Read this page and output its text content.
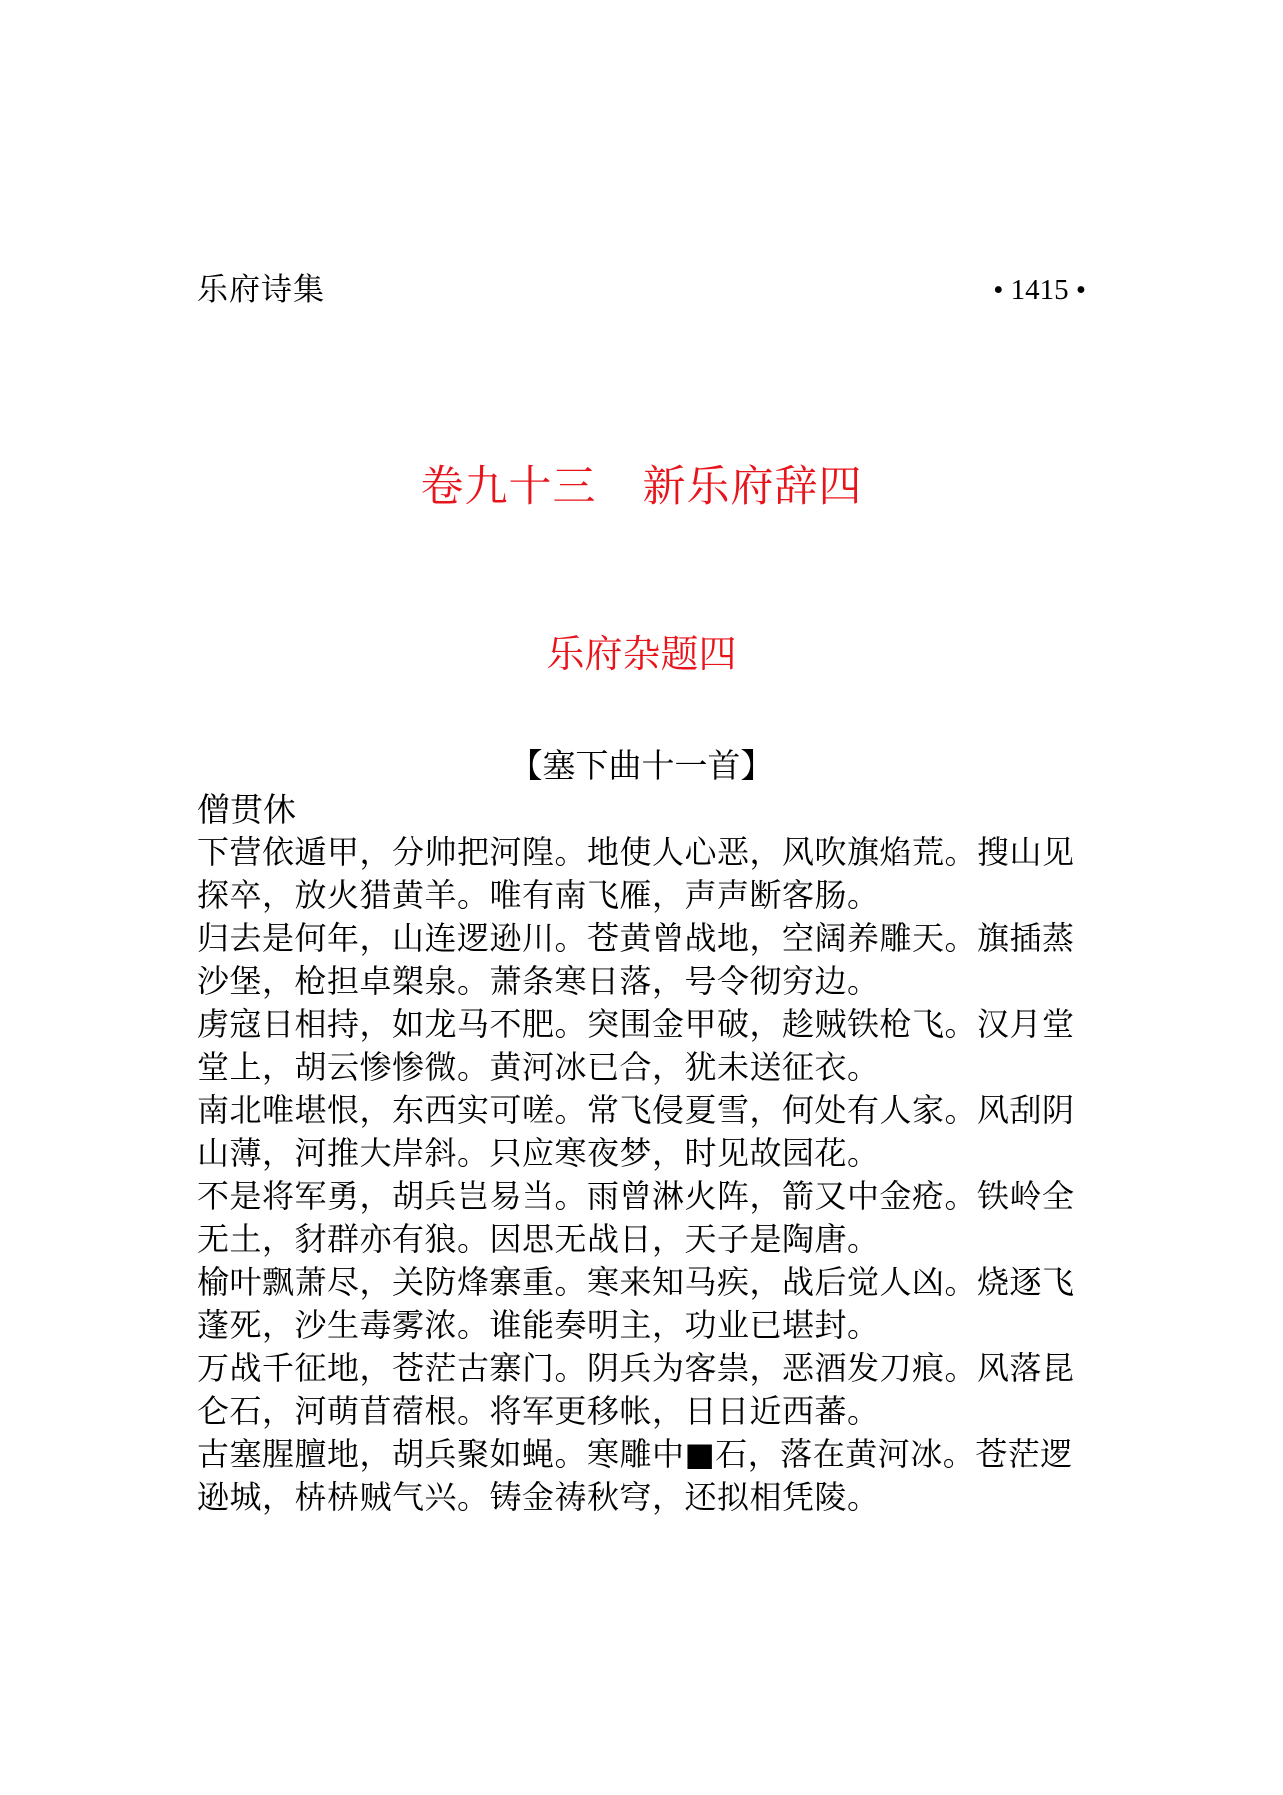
乐府诗集	• 1415 •
卷九十三 新乐府辞四
乐府杂题四
【塞下曲十一首】
僧贯休
下营依遁甲，分帅把河隍。地使人心恶，风吹旗焰荒。搜山见
探卒，放火猎黄羊。唯有南飞雁，声声断客肠。
归去是何年，山连逻逊川。苍黄曾战地，空阔养雕天。旗插蒸
沙堡，枪担卓槊泉。萧条寒日落，号令彻穷边。
虏寇日相持，如龙马不肥。突围金甲破，趁贼铁枪飞。汉月堂
堂上，胡云惨惨微。黄河冰已合，犹未送征衣。
南北唯堪恨，东西实可嗟。常飞侵夏雪，何处有人家。风刮阴
山薄，河推大岸斜。只应寒夜梦，时见故园花。
不是将军勇，胡兵岂易当。雨曾淋火阵，箭又中金疮。铁岭全
无土，豺群亦有狼。因思无战日，天子是陶唐。
榆叶飘萧尽，关防烽寨重。寒来知马疾，战后觉人凶。烧逐飞
蓬死，沙生毒雾浓。谁能奏明主，功业已堪封。
万战千征地，苍茫古寨门。阴兵为客祟，恶酒发刀痕。风落昆
仑石，河萌苜蓿根。将军更移帐，日日近西蕃。
古塞腥膻地，胡兵聚如蝇。寒雕中■石，落在黄河冰。苍茫逻
逊城，枿枿贼气兴。铸金祷秋穹，还拟相凭陵。
